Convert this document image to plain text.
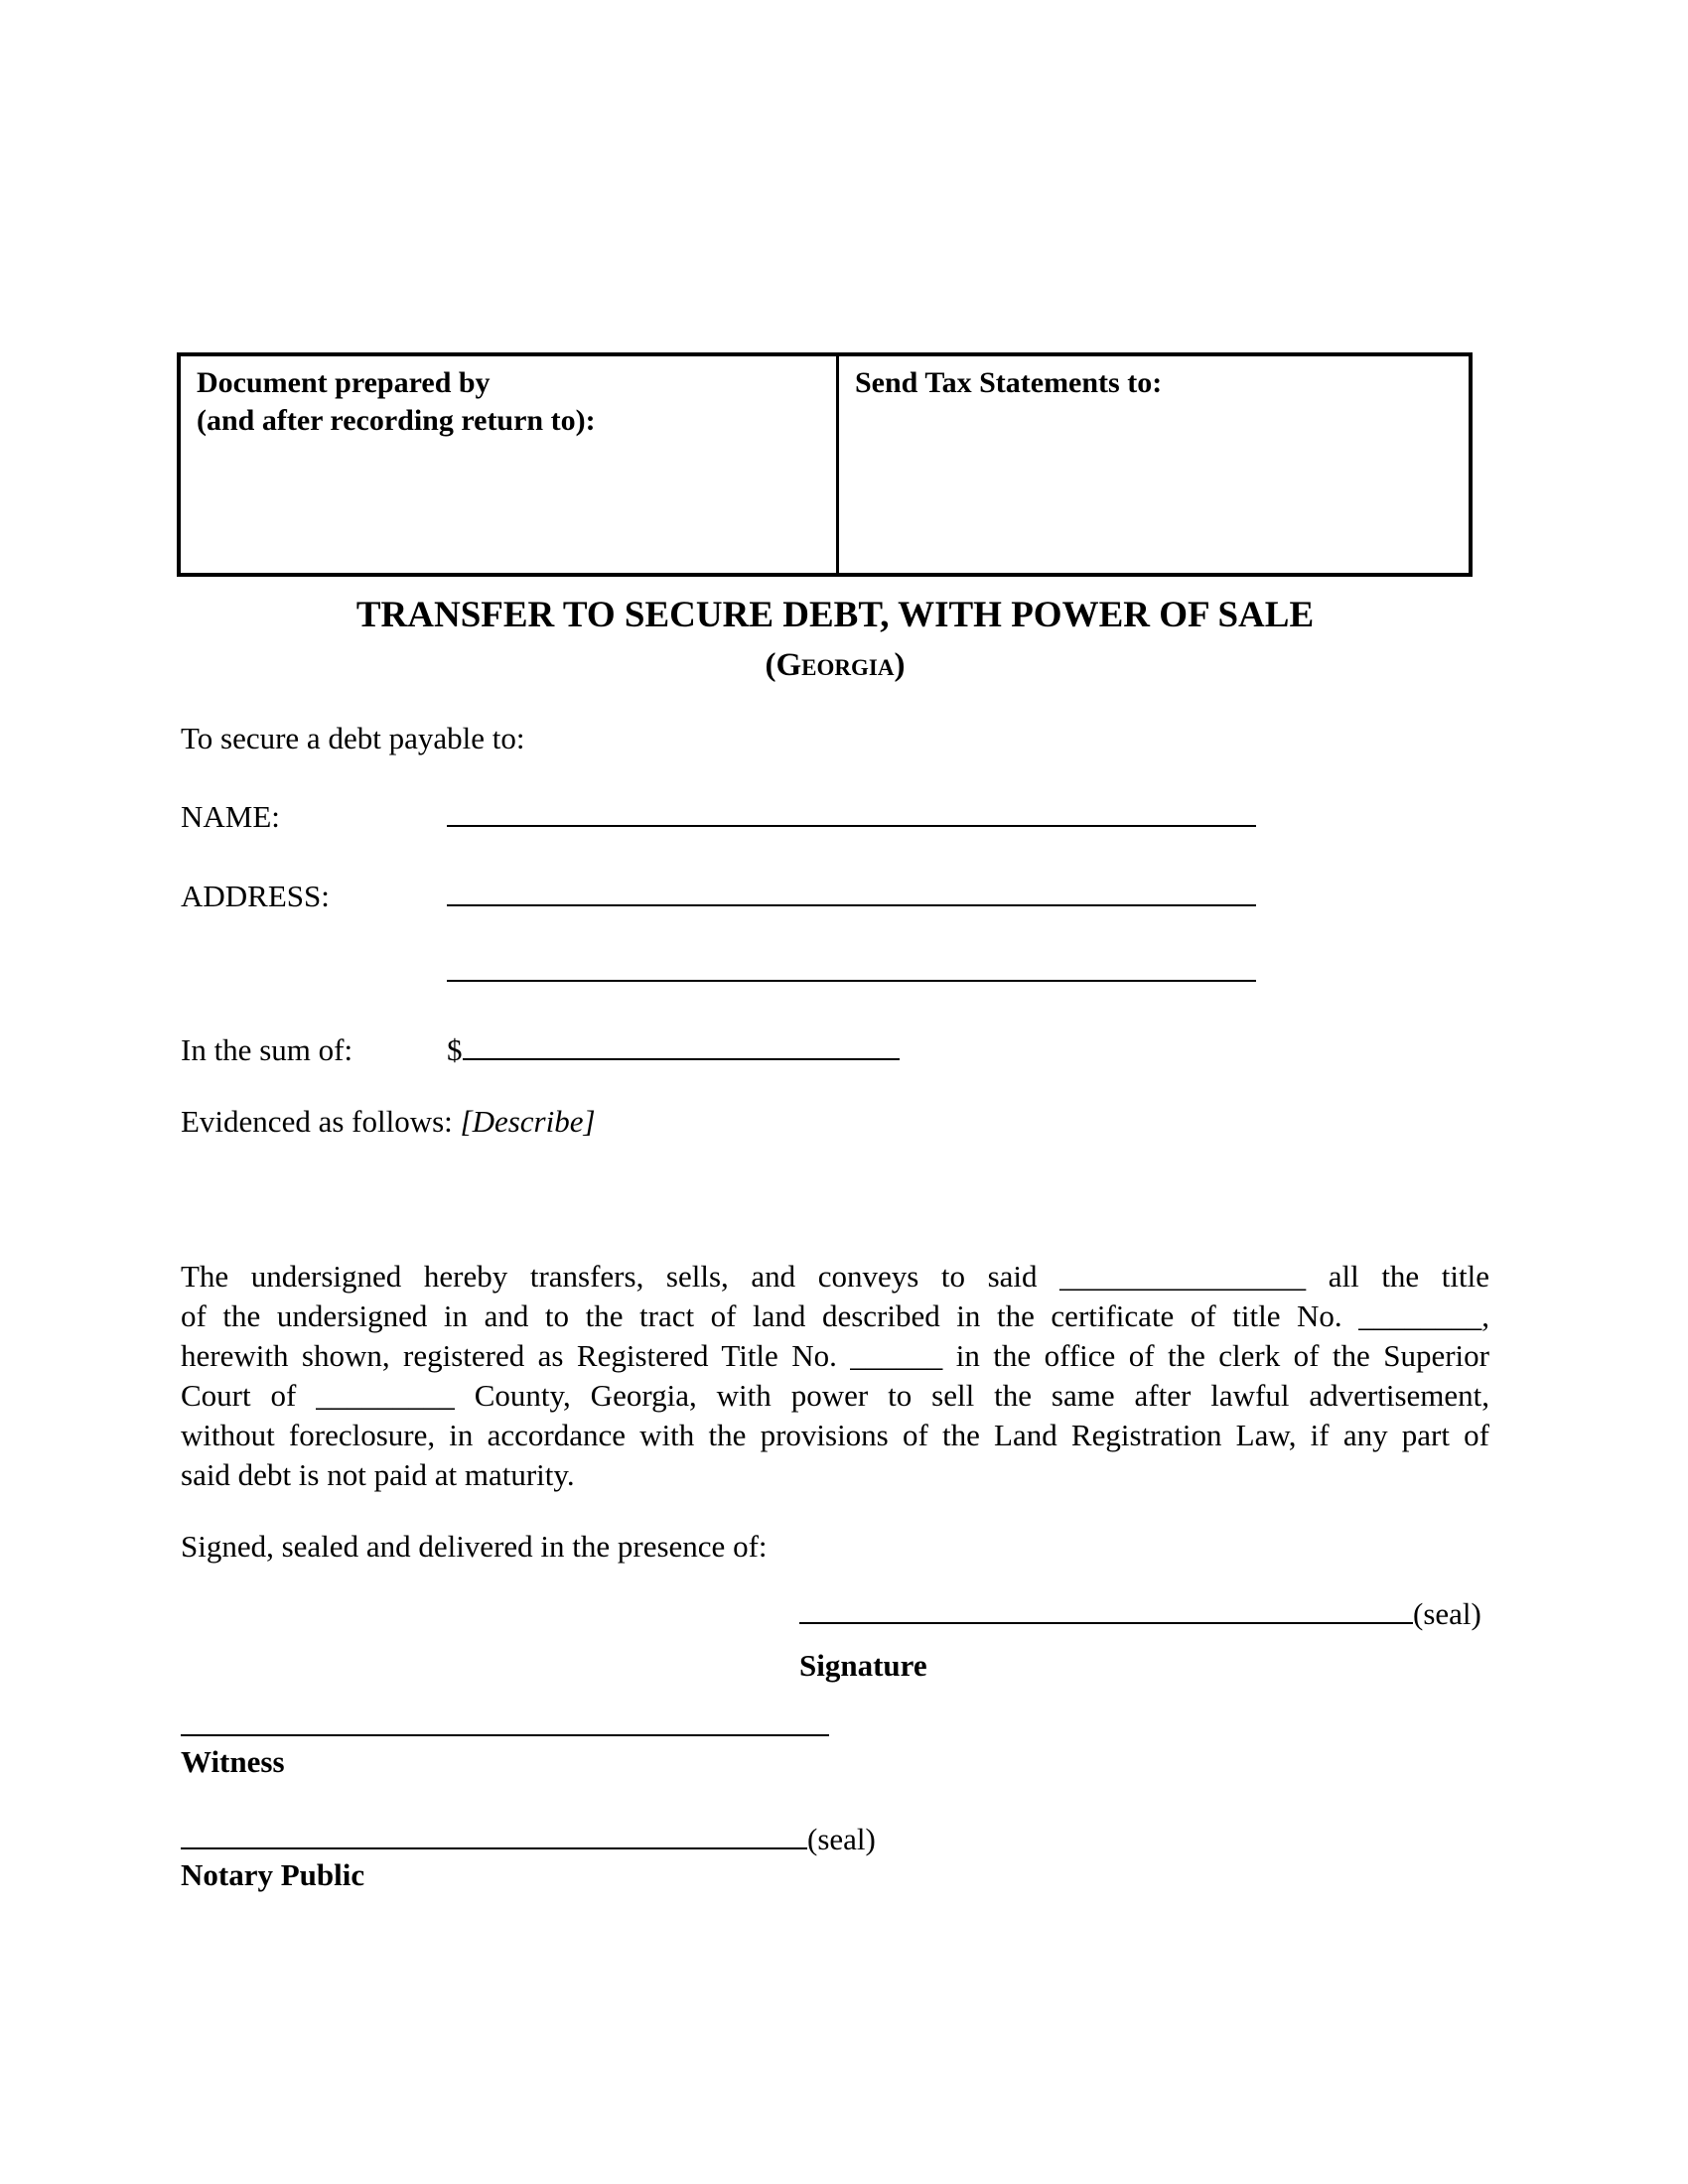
Document prepared by
(and after recording return to):
Send Tax Statements to:
TRANSFER TO SECURE DEBT, WITH POWER OF SALE
(Georgia)
To secure a debt payable to:
NAME:
ADDRESS:
In the sum of:	$
Evidenced as follows: [Describe]
The undersigned hereby transfers, sells, and conveys to said ________________ all the title
of the undersigned in and to the tract of land described in the certificate of title No. ________,
herewith shown, registered as Registered Title No. ______ in the office of the clerk of the Superior
Court of _________ County, Georgia, with power to sell the same after lawful advertisement,
without foreclosure, in accordance with the provisions of the Land Registration Law, if any part of
said debt is not paid at maturity.
Signed, sealed and delivered in the presence of:
(seal)
Signature
Witness
(seal)
Notary Public
